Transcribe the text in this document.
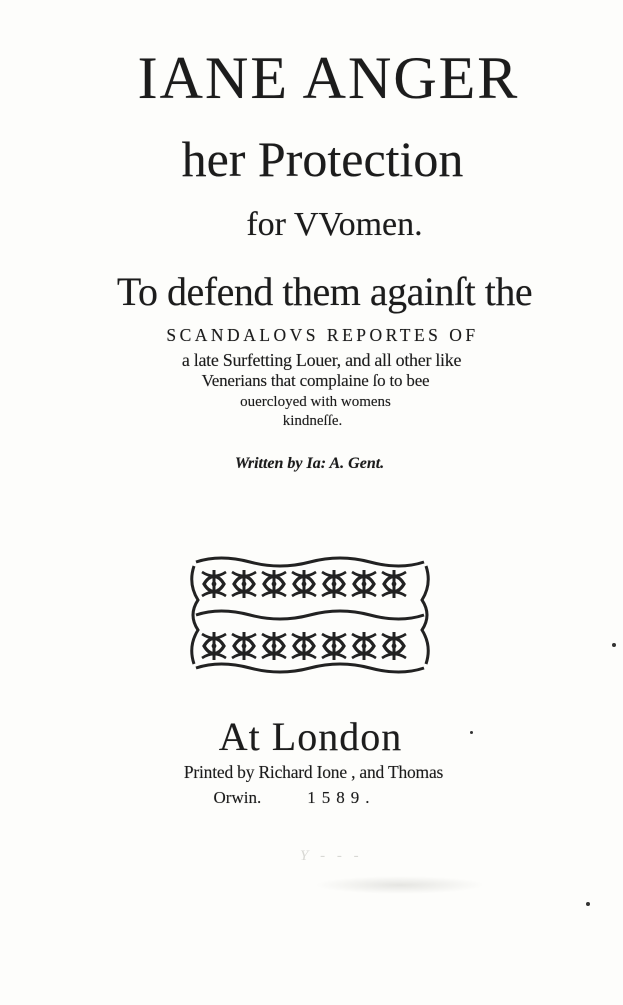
IANE ANGER
her Protection
for VVomen.
To defend them againſt the
SCANDALOVS REPORTES OF
a late Surfetting Louer, and all other like
Venerians that complaine ſo to bee
ouercloyed with womens
kindneſſe.
Written by Ia: A. Gent.
At London
Printed by Richard Ione , and Thomas
Orwin.	1589.
Y - - -
